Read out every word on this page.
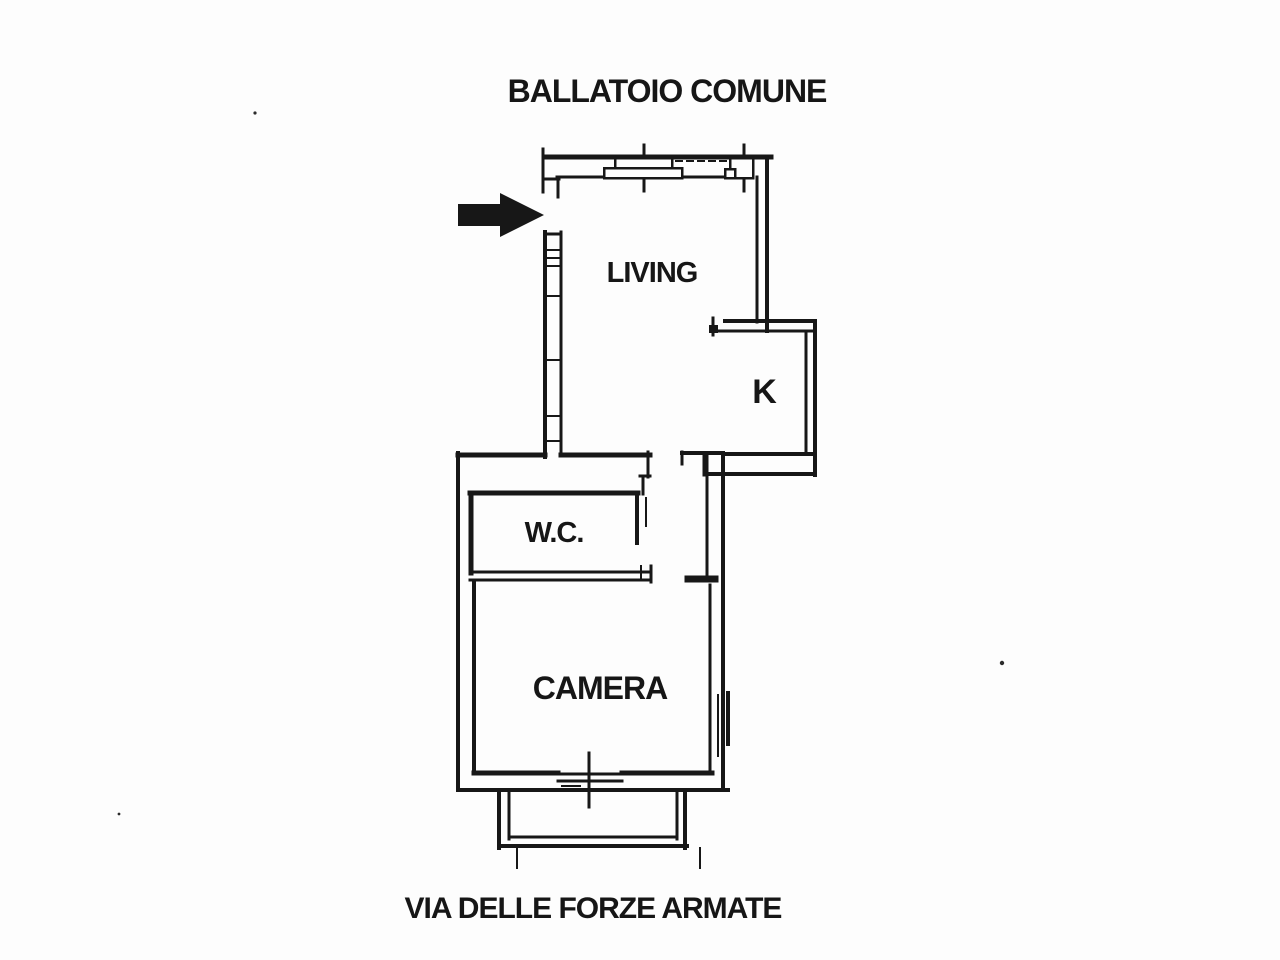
BALLATOIO COMUNE
LIVING
K
W.C.
CAMERA
VIA DELLE FORZE ARMATE
